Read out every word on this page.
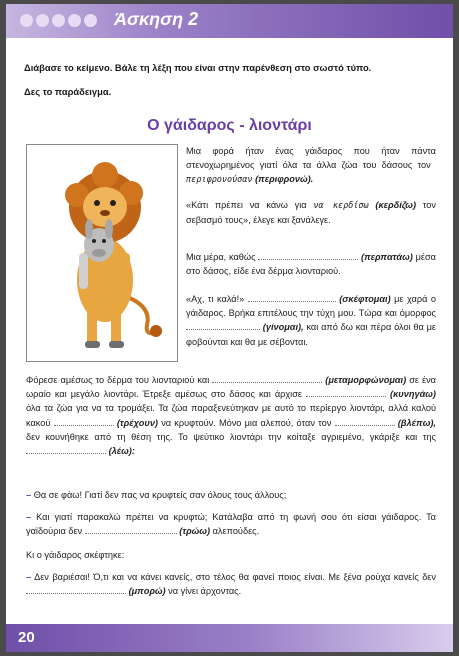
Άσκηση 2
Διάβασε το κείμενο. Βάλε τη λέξη που είναι στην παρένθεση στο σωστό τύπο.
Δες το παράδειγμα.
Ο γάιδαρος - λιοντάρι
Μια φορά ήταν ένας γάιδαρος που ήταν πάντα στενοχωρημένος γιατί όλα τα άλλα ζώα του δάσους τον  περιφρονούσαν (περιφρονώ).
«Κάτι πρέπει να κάνω για να κερδίσω (κερδίζω) τον σεβασμό τους», έλεγε και ξανάλεγε.
Μια μέρα, καθώς	(περπατάω) μέσα στο δάσος, είδε ένα δέρμα λιονταριού.
«Αχ, τι καλά!»	(σκέφτομαι) με χαρά ο γάιδαρος. Βρήκα επιτέλους την τύχη μου. Τώρα και όμορφος  (γίνομαι), και από δω και πέρα όλοι θα με φοβούνται και θα με σέβονται.
Φόρεσε αμέσως το δέρμα του λιονταριού και	(μεταμορφώνομαι) σε ένα ωραίο και μεγάλο λιοντάρι. Έτρεξε αμέσως στο δάσος και άρχισε	(κυνηγάω) όλα τα ζώα για να τα τρομάξει. Τα ζώα παραξενεύτηκαν με αυτό το περίεργο λιοντάρι, αλλά καλού κακού	(τρέχουν) να κρυφτούν. Μόνο μια αλεπού, όταν τον	(βλέπω), δεν κουνήθηκε από τη θέση της. Το ψεύτικο λιοντάρι την κοίταξε αγριεμένο, γκάριξε και της  (λέω):
– Θα σε φάω! Γιατί δεν πας να κρυφτείς σαν όλους τους άλλους;
– Και γιατί παρακαλώ πρέπει να κρυφτώ; Κατάλαβα από τη φωνή σου ότι είσαι γάιδαρος. Τα γαϊδούρια δεν	(τρώω) αλεπούδες.
Κι ο γάιδαρος σκέφτηκε:
– Δεν βαριέσαι! Ό,τι και να κάνει κανείς, στο τέλος θα φανεί ποιος είναι. Με ξένα ρούχα κανείς δεν  (μπορώ) να γίνει άρχοντας.
20
